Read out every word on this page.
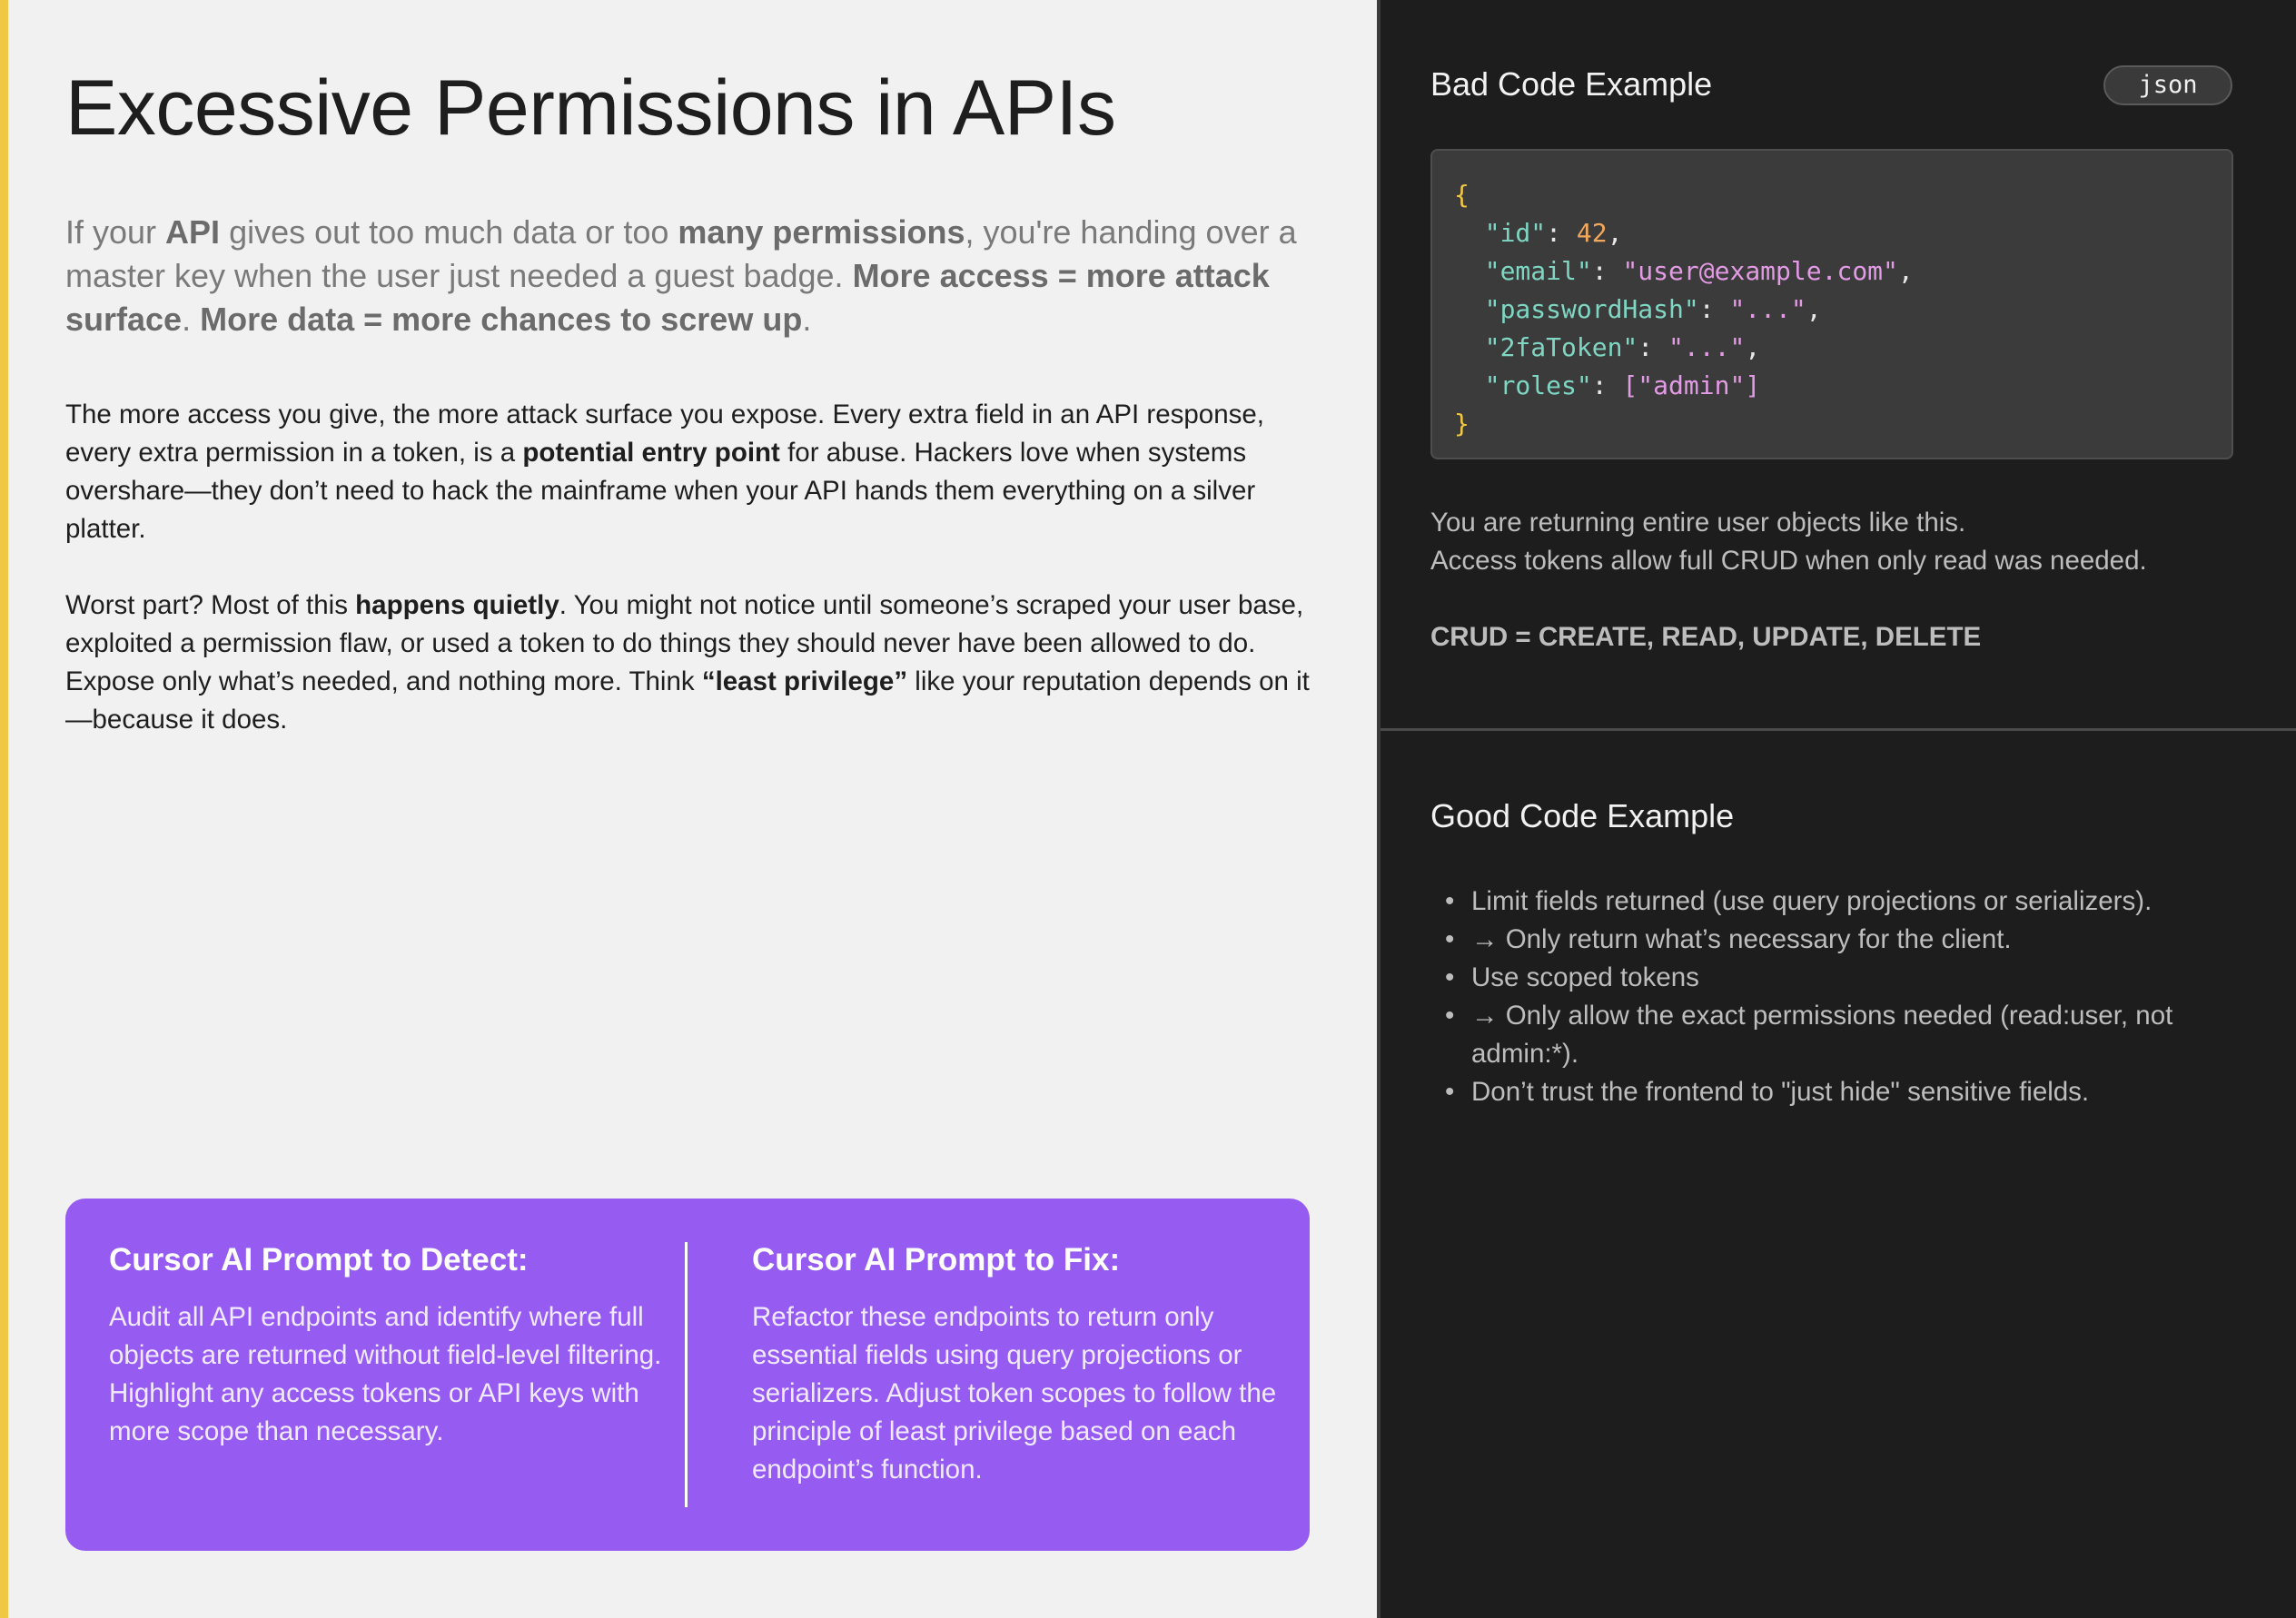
Excessive Permissions in APIs

If your API gives out too much data or too many permissions, you're handing over a master key when the user just needed a guest badge. More access = more attack surface. More data = more chances to screw up.

The more access you give, the more attack surface you expose. Every extra field in an API response, every extra permission in a token, is a potential entry point for abuse. Hackers love when systems overshare—they don’t need to hack the mainframe when your API hands them everything on a silver platter.

Worst part? Most of this happens quietly. You might not notice until someone’s scraped your user base, exploited a permission flaw, or used a token to do things they should never have been allowed to do. Expose only what’s needed, and nothing more. Think “least privilege” like your reputation depends on it—because it does.

Cursor AI Prompt to Detect:

Audit all API endpoints and identify where full objects are returned without field-level filtering. Highlight any access tokens or API keys with more scope than necessary.

Cursor AI Prompt to Fix:

Refactor these endpoints to return only essential fields using query projections or serializers. Adjust token scopes to follow the principle of least privilege based on each endpoint’s function.

Bad Code Example	json
{
"id": 42,
"email": "user@example.com",
"passwordHash": "...",
"2faToken": "...",
"roles": ["admin"]
}

You are returning entire user objects like this.

Access tokens allow full CRUD when only read was needed.

CRUD = CREATE, READ, UPDATE, DELETE

Good Code Example
• Limit fields returned (use query projections or serializers).
• → Only return what’s necessary for the client.
• Use scoped tokens
• → Only allow the exact permissions needed (read:user, not admin:*).
• Don’t trust the frontend to "just hide" sensitive fields.
